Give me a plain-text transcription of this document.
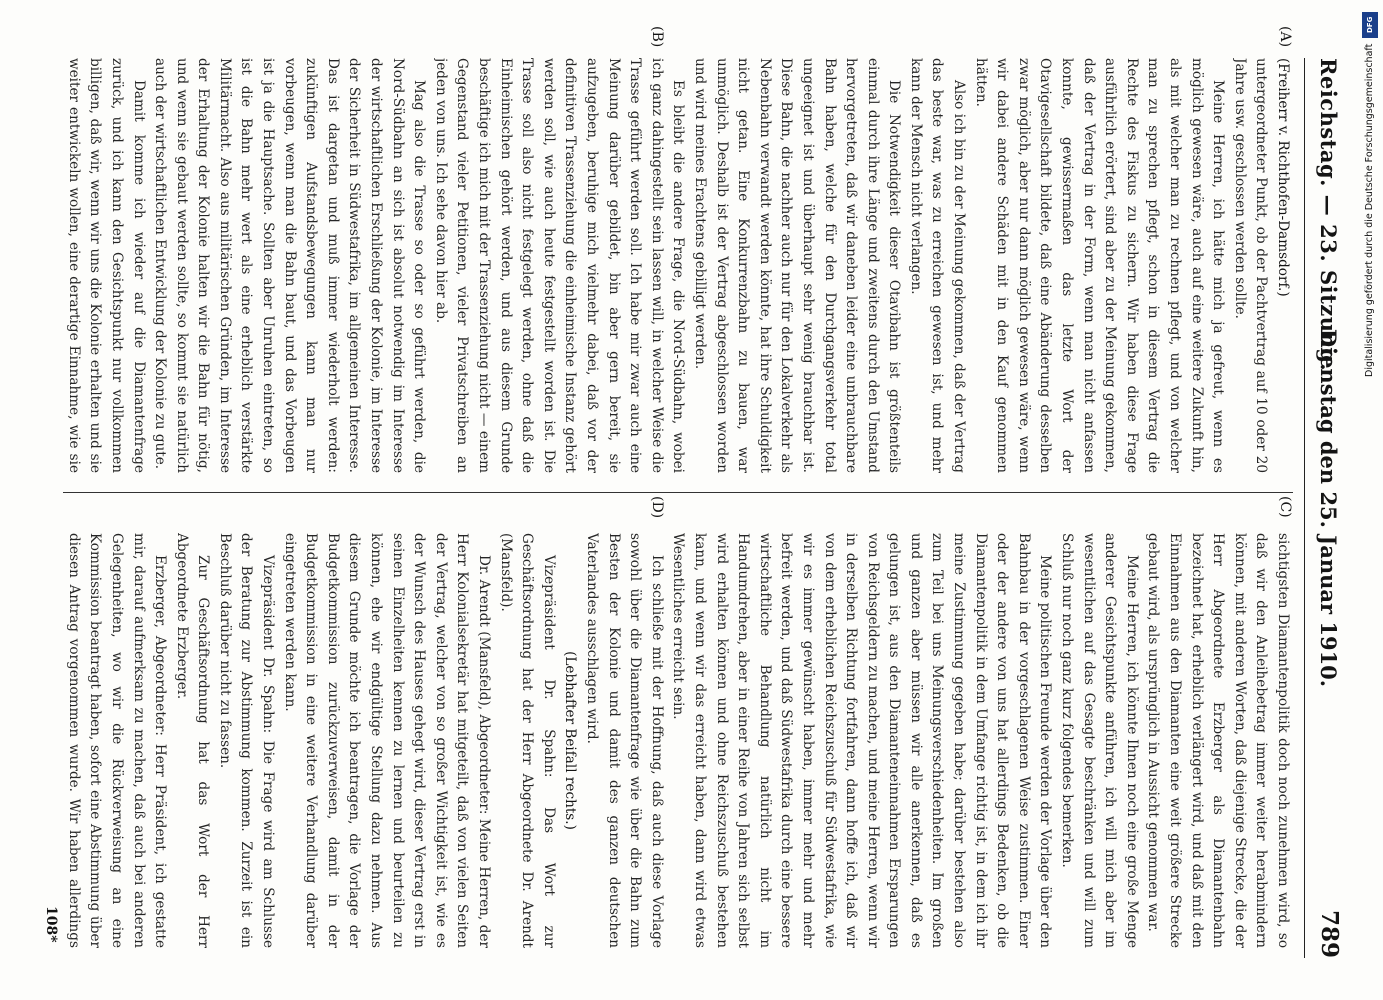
Reichstag. — 23. Sitzung.
Dienstag den 25. Januar 1910.
789
(A)
(B)
(C)
(D)

(Freiherr v. Richthofen-Damsdorf.)

untergeordneter Punkt, ob der Pachtvertrag auf 10 oder 20 Jahre usw. geschlossen werden sollte.

Meine Herren, ich hätte mich ja gefreut, wenn es möglich gewesen wäre, auch auf eine weitere Zukunft hin, als mit welcher man zu rechnen pflegt, und von welcher man zu sprechen pflegt, schon in diesem Vertrag die Rechte des Fiskus zu sichern. Wir haben diese Frage ausführlich erörtert, sind aber zu der Meinung gekommen, daß der Vertrag in der Form, wenn man nicht anfassen konnte, gewissermaßen das letzte Wort der Otavigesellschaft bildete, daß eine Abänderung desselben zwar möglich, aber nur dann möglich gewesen wäre, wenn wir dabei andere Schäden mit in den Kauf genommen hätten.

Also ich bin zu der Meinung gekommen, daß der Vertrag das beste war, was zu erreichen gewesen ist, und mehr kann der Mensch nicht verlangen.

Die Notwendigkeit dieser Otavibahn ist größtenteils einmal durch ihre Länge und zweitens durch den Umstand hervorgetreten, daß wir daneben leider eine unbrauchbare Bahn haben, welche für den Durchgangsverkehr total ungeeignet ist und überhaupt sehr wenig brauchbar ist. Diese Bahn, die nachher auch nur für den Lokalverkehr als Nebenbahn verwandt werden könnte, hat ihre Schuldigkeit nicht getan. Eine Konkurrenzbahn zu bauen, war unmöglich. Deshalb ist der Vertrag abgeschlossen worden und wird meines Erachtens gebilligt werden.

Es bleibt die andere Frage, die Nord-Südbahn, wobei ich ganz dahingestellt sein lassen will, in welcher Weise die Trasse geführt werden soll. Ich habe mir zwar auch eine Meinung darüber gebildet, bin aber gern bereit, sie aufzugeben, beruhige mich vielmehr dabei, daß vor der definitiven Trassenziehung die einheimische Instanz gehört werden soll, wie auch heute festgestellt worden ist. Die Trasse soll also nicht festgelegt werden, ohne daß die Einheimischen gehört werden, und aus diesem Grunde beschäftige ich mich mit der Trassenziehung nicht — einem Gegenstand vieler Petitionen, vieler Privatschreiben an jeden von uns. Ich sehe davon hier ab.

Mag also die Trasse so oder so geführt werden, die Nord-Südbahn an sich ist absolut notwendig im Interesse der wirtschaftlichen Erschließung der Kolonie, im Interesse der Sicherheit in Südwestafrika, im allgemeinen Interesse. Das ist dargetan und muß immer wiederholt werden: zukünftigen Aufstandsbewegungen kann man nur vorbeugen, wenn man die Bahn baut, und das Vorbeugen ist ja die Hauptsache. Sollten aber Unruhen eintreten, so ist die Bahn mehr wert als eine erheblich verstärkte Militärmacht. Also aus militärischen Gründen, im Interesse der Erhaltung der Kolonie halten wir die Bahn für nötig, und wenn sie gebaut werden sollte, so kommt sie natürlich auch der wirtschaftlichen Entwicklung der Kolonie zu gute.

Damit komme ich wieder auf die Diamantenfrage zurück, und ich kann den Gesichtspunkt nur vollkommen billigen, daß wir, wenn wir uns die Kolonie erhalten und sie weiter entwickeln wollen, eine derartige Einnahme, wie sie

sichtigsten Diamantenpolitik doch noch zunehmen wird, so daß wir den Anleihebetrag immer weiter herabmindern können, mit anderen Worten, daß diejenige Strecke, die der Herr Abgeordnete Erzberger als Diamantenbahn bezeichnet hat, erheblich verlängert wird, und daß mit den Einnahmen aus den Diamanten eine weit größere Strecke gebaut wird, als ursprünglich in Aussicht genommen war.

Meine Herren, ich könnte Ihnen noch eine große Menge anderer Gesichtspunkte anführen, ich will mich aber im wesentlichen auf das Gesagte beschränken und will zum Schluß nur noch ganz kurz folgendes bemerken.

Meine politischen Freunde werden der Vorlage über den Bahnbau in der vorgeschlagenen Weise zustimmen. Einer oder der andere von uns hat allerdings Bedenken, ob die Diamantenpolitik in dem Umfange richtig ist, in dem ich ihr meine Zustimmung gegeben habe; darüber bestehen also zum Teil bei uns Meinungsverschiedenheiten. Im großen und ganzen aber müssen wir alle anerkennen, daß es gelungen ist, aus den Diamanteneinnahmen Ersparungen von Reichsgeldern zu machen, und meine Herren, wenn wir in derselben Richtung fortfahren, dann hoffe ich, daß wir von dem erheblichen Reichszuschuß für Südwestafrika, wie wir es immer gewünscht haben, immer mehr und mehr befreit werden, und daß Südwestafrika durch eine bessere wirtschaftliche Behandlung natürlich nicht im Handumdrehen, aber in einer Reihe von Jahren sich selbst wird erhalten können und ohne Reichszuschuß bestehen kann, und wenn wir das erreicht haben, dann wird etwas Wesentliches erreicht sein.

Ich schließe mit der Hoffnung, daß auch diese Vorlage sowohl über die Diamantenfrage wie über die Bahn zum Besten der Kolonie und damit des ganzen deutschen Vaterlandes ausschlagen wird.

(Lebhafter Beifall rechts.)

Vizepräsident Dr. Spahn: Das Wort zur Geschäftsordnung hat der Herr Abgeordnete Dr. Arendt (Mansfeld).

Dr. Arendt (Mansfeld), Abgeordneter: Meine Herren, der Herr Kolonialsekretär hat mitgeteilt, daß von vielen Seiten der Vertrag, welcher von so großer Wichtigkeit ist, wie es der Wunsch des Hauses gehegt wird, dieser Vertrag erst in seinen Einzelheiten kennen zu lernen und beurteilen zu können, ehe wir endgültige Stellung dazu nehmen. Aus diesem Grunde möchte ich beantragen, die Vorlage der Budgetkommission zurückzuverweisen, damit in der Budgetkommission in eine weitere Verhandlung darüber eingetreten werden kann.

Vizepräsident Dr. Spahn: Die Frage wird am Schlusse der Beratung zur Abstimmung kommen. Zurzeit ist ein Beschluß darüber nicht zu fassen.

Zur Geschäftsordnung hat das Wort der Herr Abgeordnete Erzberger.

Erzberger, Abgeordneter: Herr Präsident, ich gestatte mir, darauf aufmerksam zu machen, daß auch bei anderen Gelegenheiten, wo wir die Rückverweisung an eine Kommission beantragt haben, sofort eine Abstimmung über diesen Antrag vorgenommen wurde. Wir haben allerdings

108*
DFG
Digitalisierung gefördert durch die Deutsche Forschungsgemeinschaft
